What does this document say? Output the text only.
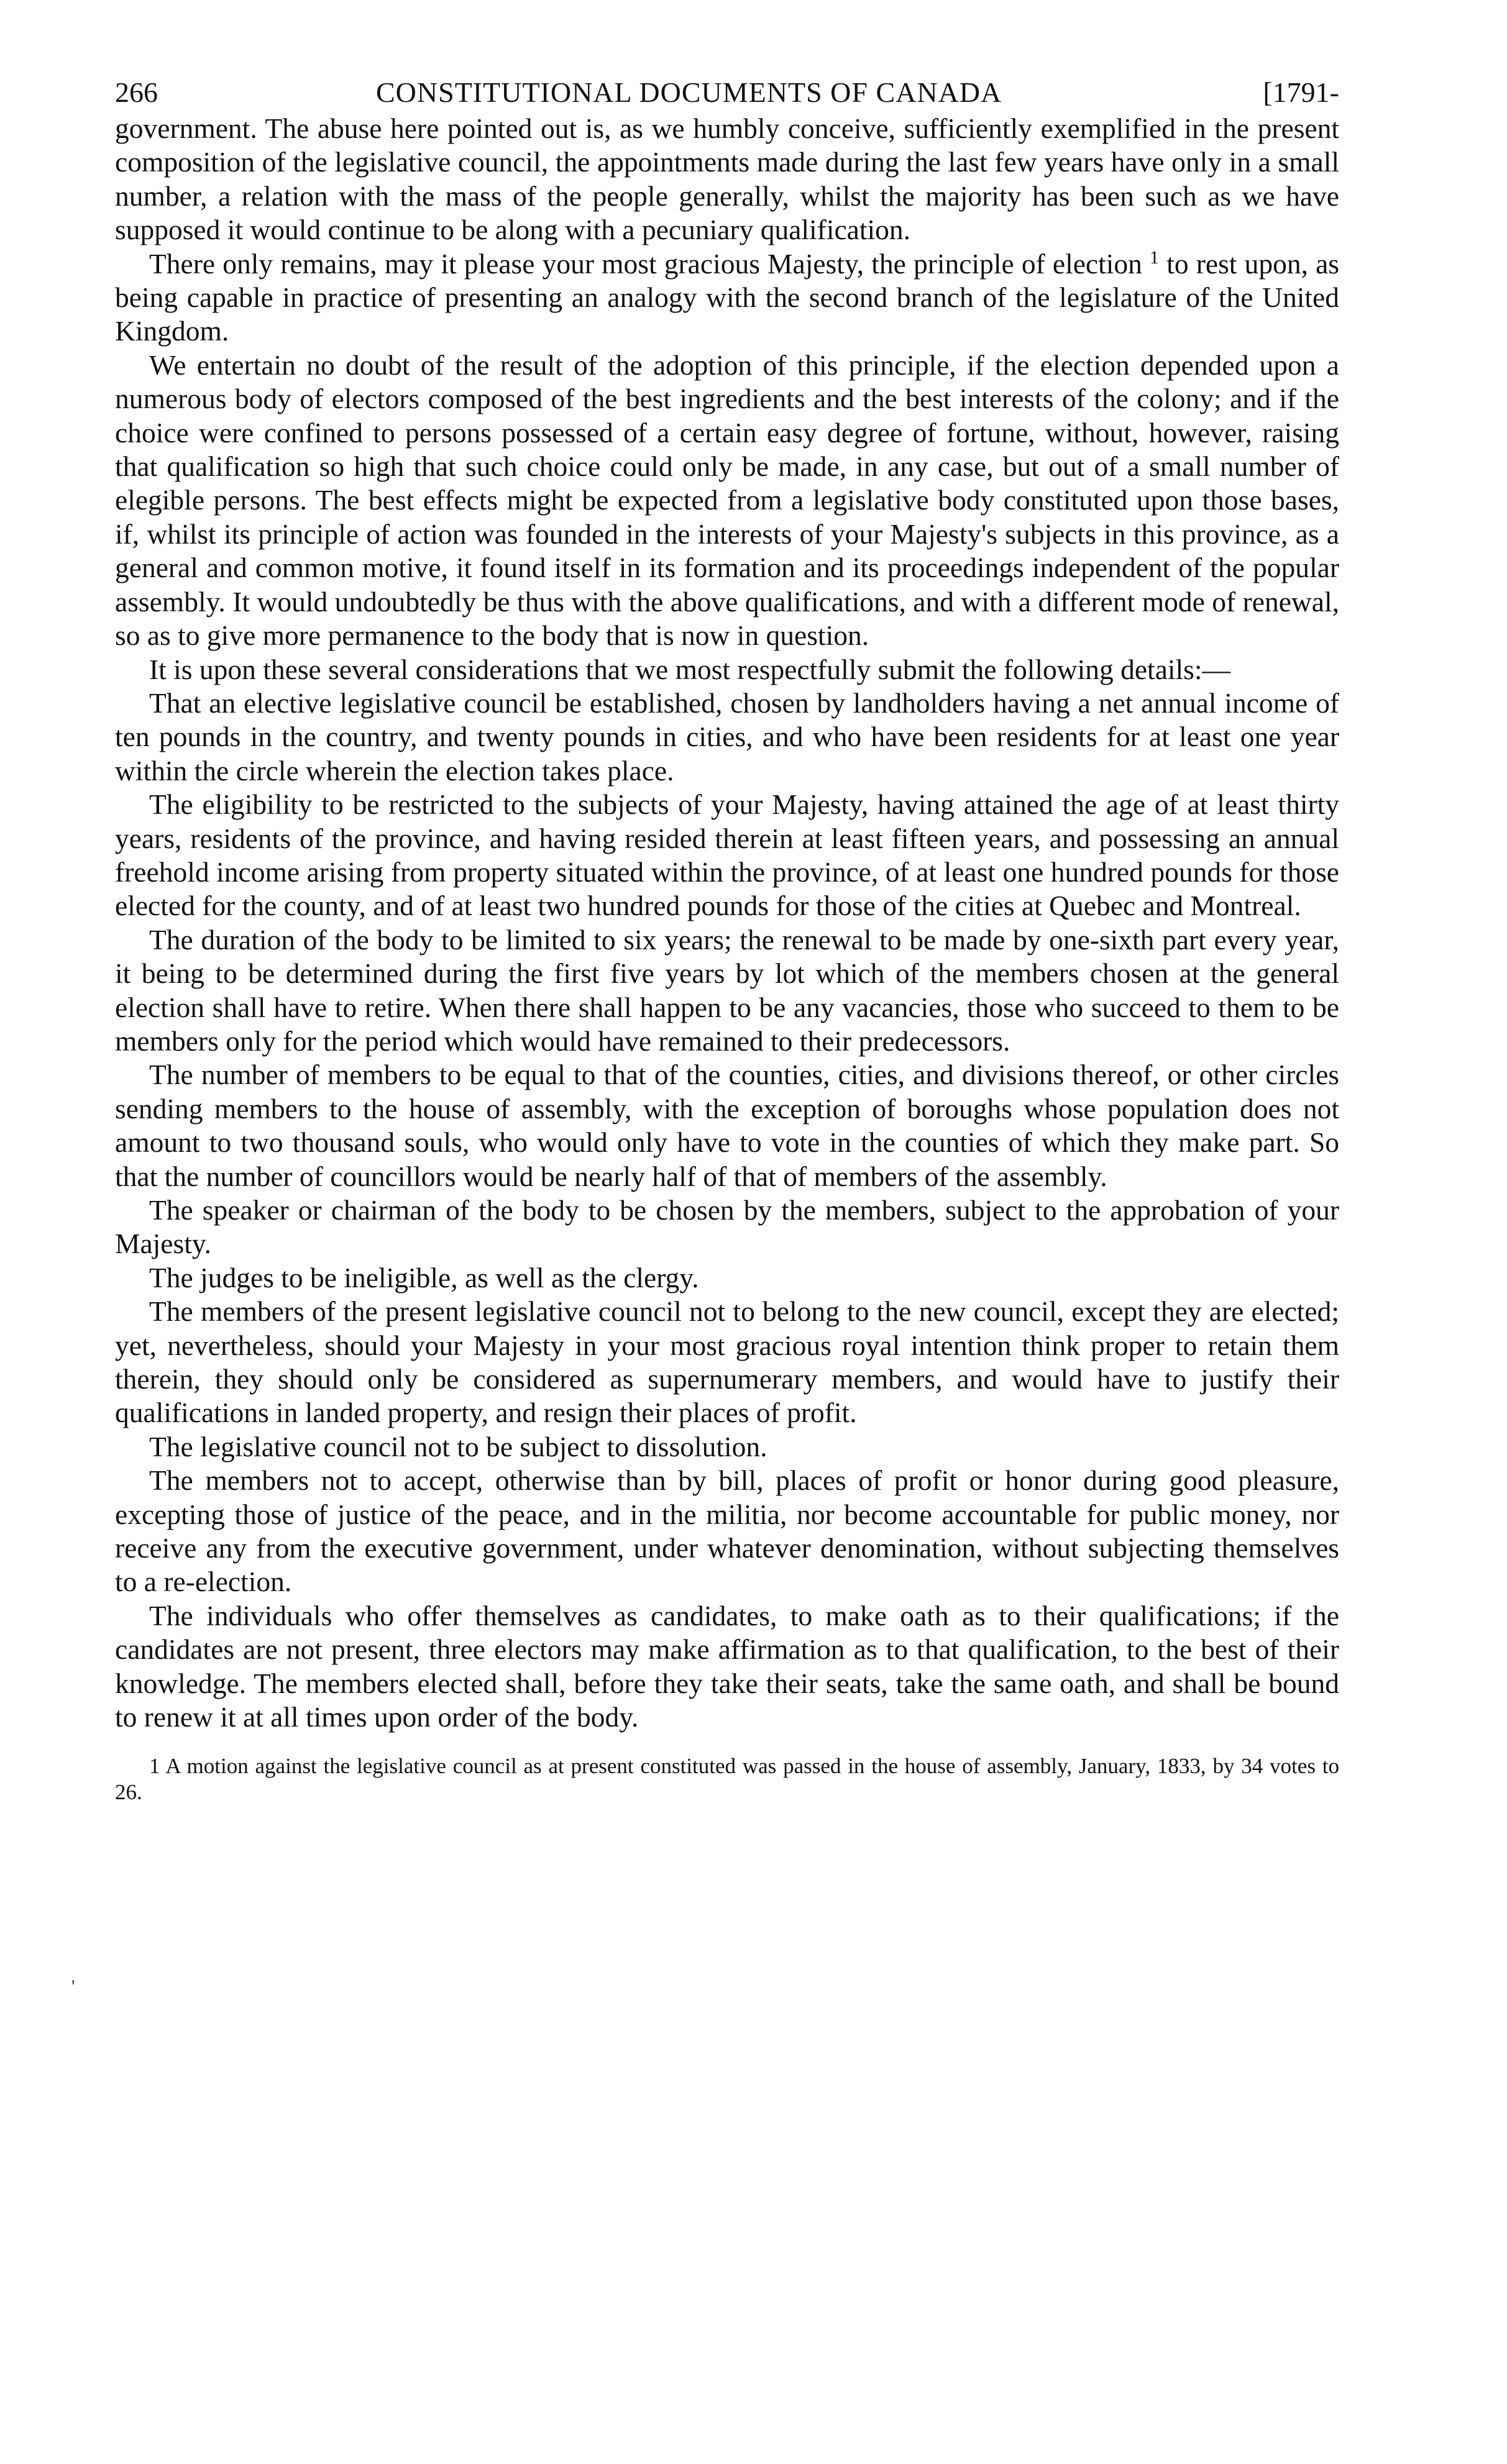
266	CONSTITUTIONAL DOCUMENTS OF CANADA	[1791-

government. The abuse here pointed out is, as we humbly conceive, sufficiently exemplified in the present composition of the legislative council, the appointments made during the last few years have only in a small number, a relation with the mass of the people generally, whilst the majority has been such as we have supposed it would continue to be along with a pecuniary qualification.

There only remains, may it please your most gracious Majesty, the principle of election $^1$ to rest upon, as being capable in practice of presenting an analogy with the second branch of the legislature of the United Kingdom.

We entertain no doubt of the result of the adoption of this principle, if the election depended upon a numerous body of electors composed of the best ingredients and the best interests of the colony; and if the choice were confined to persons possessed of a certain easy degree of fortune, without, however, raising that qualification so high that such choice could only be made, in any case, but out of a small number of elegible persons. The best effects might be expected from a legislative body constituted upon those bases, if, whilst its principle of action was founded in the interests of your Majesty's subjects in this province, as a general and common motive, it found itself in its formation and its proceedings independent of the popular assembly. It would undoubtedly be thus with the above qualifications, and with a different mode of renewal, so as to give more permanence to the body that is now in question.

It is upon these several considerations that we most respectfully submit the following details:—

That an elective legislative council be established, chosen by landholders having a net annual income of ten pounds in the country, and twenty pounds in cities, and who have been residents for at least one year within the circle wherein the election takes place.

The eligibility to be restricted to the subjects of your Majesty, having attained the age of at least thirty years, residents of the province, and having resided therein at least fifteen years, and possessing an annual freehold income arising from property situated within the province, of at least one hundred pounds for those elected for the county, and of at least two hundred pounds for those of the cities at Quebec and Montreal.

The duration of the body to be limited to six years; the renewal to be made by one-sixth part every year, it being to be determined during the first five years by lot which of the members chosen at the general election shall have to retire. When there shall happen to be any vacancies, those who succeed to them to be members only for the period which would have remained to their predecessors.

The number of members to be equal to that of the counties, cities, and divisions thereof, or other circles sending members to the house of assembly, with the exception of boroughs whose population does not amount to two thousand souls, who would only have to vote in the counties of which they make part. So that the number of councillors would be nearly half of that of members of the assembly.

The speaker or chairman of the body to be chosen by the members, subject to the approbation of your Majesty.

The judges to be ineligible, as well as the clergy.

The members of the present legislative council not to belong to the new council, except they are elected; yet, nevertheless, should your Majesty in your most gracious royal intention think proper to retain them therein, they should only be considered as supernumerary members, and would have to justify their qualifications in landed property, and resign their places of profit.

The legislative council not to be subject to dissolution.

The members not to accept, otherwise than by bill, places of profit or honor during good pleasure, excepting those of justice of the peace, and in the militia, nor become accountable for public money, nor receive any from the executive government, under whatever denomination, without subjecting themselves to a re-election.

The individuals who offer themselves as candidates, to make oath as to their qualifications; if the candidates are not present, three electors may make affirmation as to that qualification, to the best of their knowledge. The members elected shall, before they take their seats, take the same oath, and shall be bound to renew it at all times upon order of the body.

1 A motion against the legislative council as at present constituted was passed in the house of assembly, January, 1833, by 34 votes to 26.

'
